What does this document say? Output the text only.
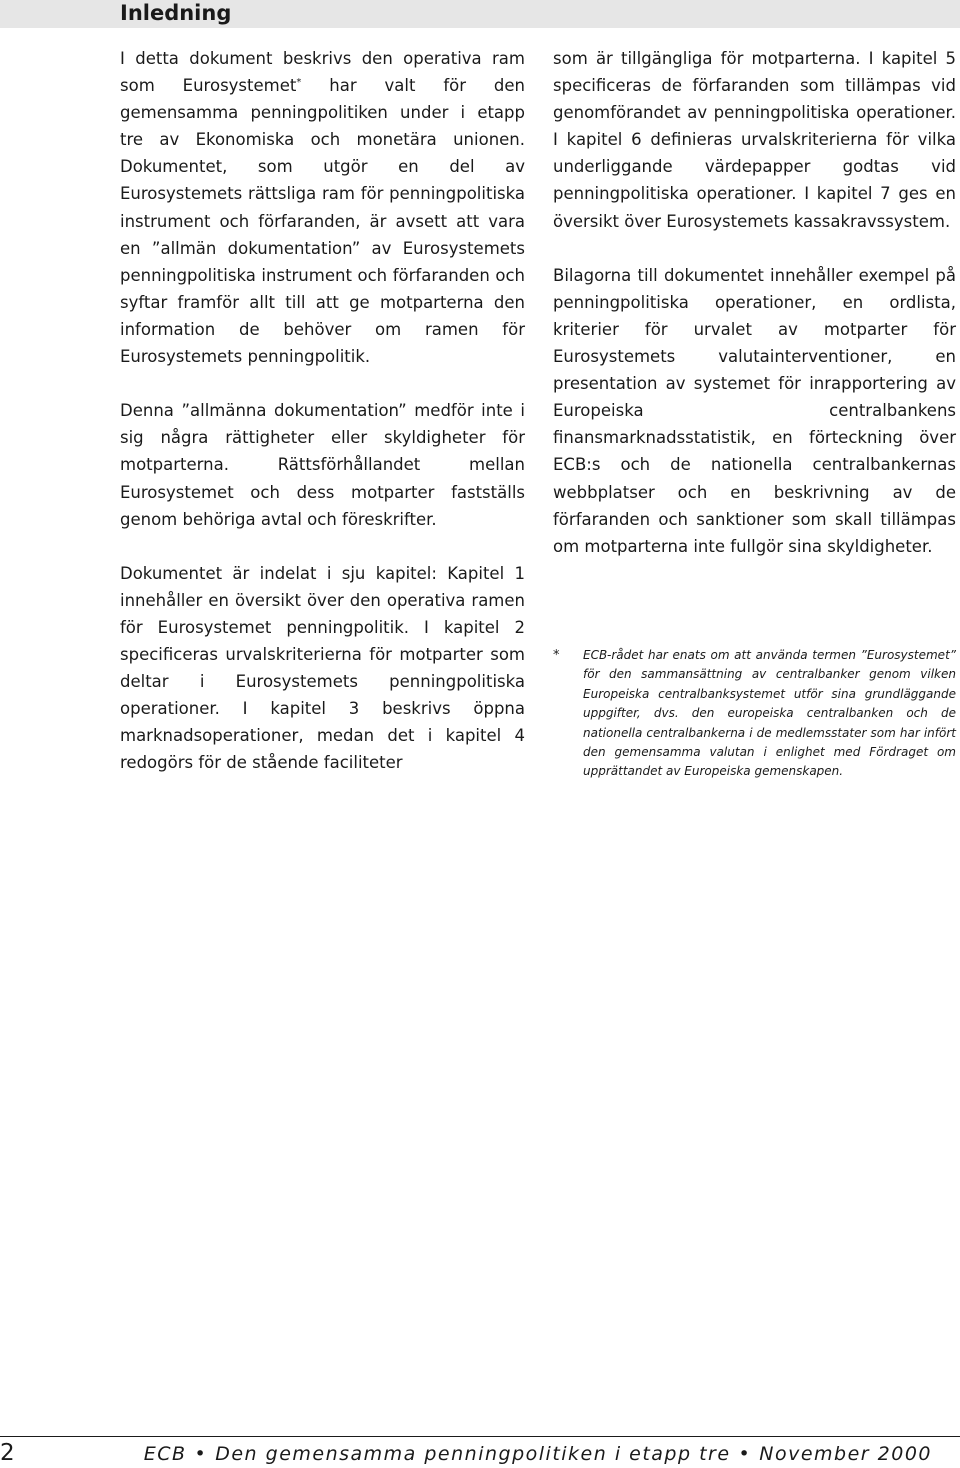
Inledning

I detta dokument beskrivs den operativa ram som Eurosystemet* har valt för den gemensamma penningpolitiken under i etapp tre av Ekonomiska och monetära unionen. Dokumentet, som utgör en del av Eurosystemets rättsliga ram för penningpolitiska instrument och förfaranden, är avsett att vara en ”allmän dokumentation” av Eurosystemets penningpolitiska instrument och förfaranden och syftar framför allt till att ge motparterna den information de behöver om ramen för Eurosystemets penningpolitik.

Denna ”allmänna dokumentation” medför inte i sig några rättigheter eller skyldigheter för motparterna. Rättsförhållandet mellan Eurosystemet och dess motparter fastställs genom behöriga avtal och föreskrifter.

Dokumentet är indelat i sju kapitel: Kapitel 1 innehåller en översikt över den operativa ramen för Eurosystemet penningpolitik. I kapitel 2 specificeras urvalskriterierna för motparter som deltar i Eurosystemets penningpolitiska operationer. I kapitel 3 beskrivs öppna marknadsoperationer, medan det i kapitel 4 redogörs för de stående faciliteter

som är tillgängliga för motparterna. I kapitel 5 specificeras de förfaranden som tillämpas vid genomförandet av penningpolitiska operationer. I kapitel 6 definieras urvalskriterierna för vilka underliggande värdepapper godtas vid penningpolitiska operationer. I kapitel 7 ges en översikt över Eurosystemets kassakravssystem.

Bilagorna till dokumentet innehåller exempel på penningpolitiska operationer, en ordlista, kriterier för urvalet av motparter för Eurosystemets valutainterventioner, en presentation av systemet för inrapportering av Europeiska centralbankens finansmarknadsstatistik, en förteckning över ECB:s och de nationella centralbankernas webbplatser och en beskrivning av de förfaranden och sanktioner som skall tillämpas om motparterna inte fullgör sina skyldigheter.

* ECB-rådet har enats om att använda termen ”Eurosystemet” för den sammansättning av centralbanker genom vilken Europeiska centralbanksystemet utför sina grundläggande uppgifter, dvs. den europeiska centralbanken och de nationella centralbankerna i de medlemsstater som har infört den gemensamma valutan i enlighet med Fördraget om upprättandet av Europeiska gemenskapen.
2	ECB • Den gemensamma penningpolitiken i etapp tre • November 2000
